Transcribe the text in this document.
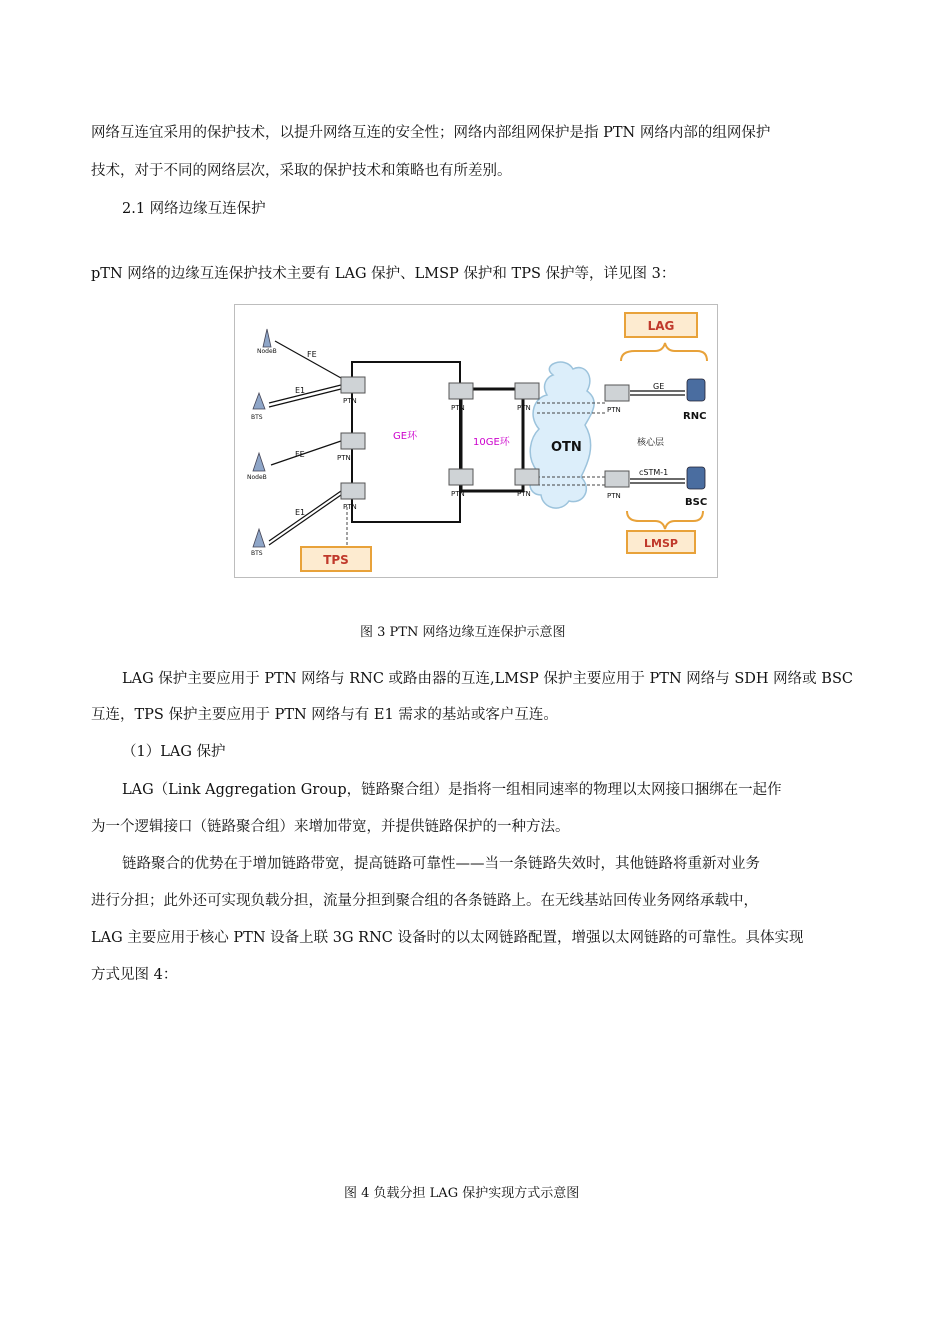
网络互连宜采用的保护技术，以提升网络互连的安全性；网络内部组网保护是指 PTN 网络内部的组网保护
技术，对于不同的网络层次，采取的保护技术和策略也有所差别。
2.1 网络边缘互连保护
pTN 网络的边缘互连保护技术主要有 LAG 保护、LMSP 保护和 TPS 保护等，详见图 3：
PTN
PTN
PTN
PTN	PTN
PTN	PTN
PTN
PTN
NodeB
BTS
NodeB
BTS
FE
E1
FE
E1
GE
cSTM-1
RNC
BSC
核心层
GE环
10GE环	OTN
LAG
LMSP
TPS
图 3 PTN 网络边缘互连保护示意图
LAG 保护主要应用于 PTN 网络与 RNC 或路由器的互连,LMSP 保护主要应用于 PTN 网络与 SDH 网络或 BSC
互连，TPS 保护主要应用于 PTN 网络与有 E1 需求的基站或客户互连。
（1）LAG 保护
LAG（Link Aggregation Group，链路聚合组）是指将一组相同速率的物理以太网接口捆绑在一起作
为一个逻辑接口（链路聚合组）来增加带宽，并提供链路保护的一种方法。
链路聚合的优势在于增加链路带宽，提高链路可靠性——当一条链路失效时，其他链路将重新对业务
进行分担；此外还可实现负载分担，流量分担到聚合组的各条链路上。在无线基站回传业务网络承载中，
LAG 主要应用于核心 PTN 设备上联 3G RNC 设备时的以太网链路配置，增强以太网链路的可靠性。具体实现
方式见图 4：
图 4 负载分担 LAG 保护实现方式示意图
